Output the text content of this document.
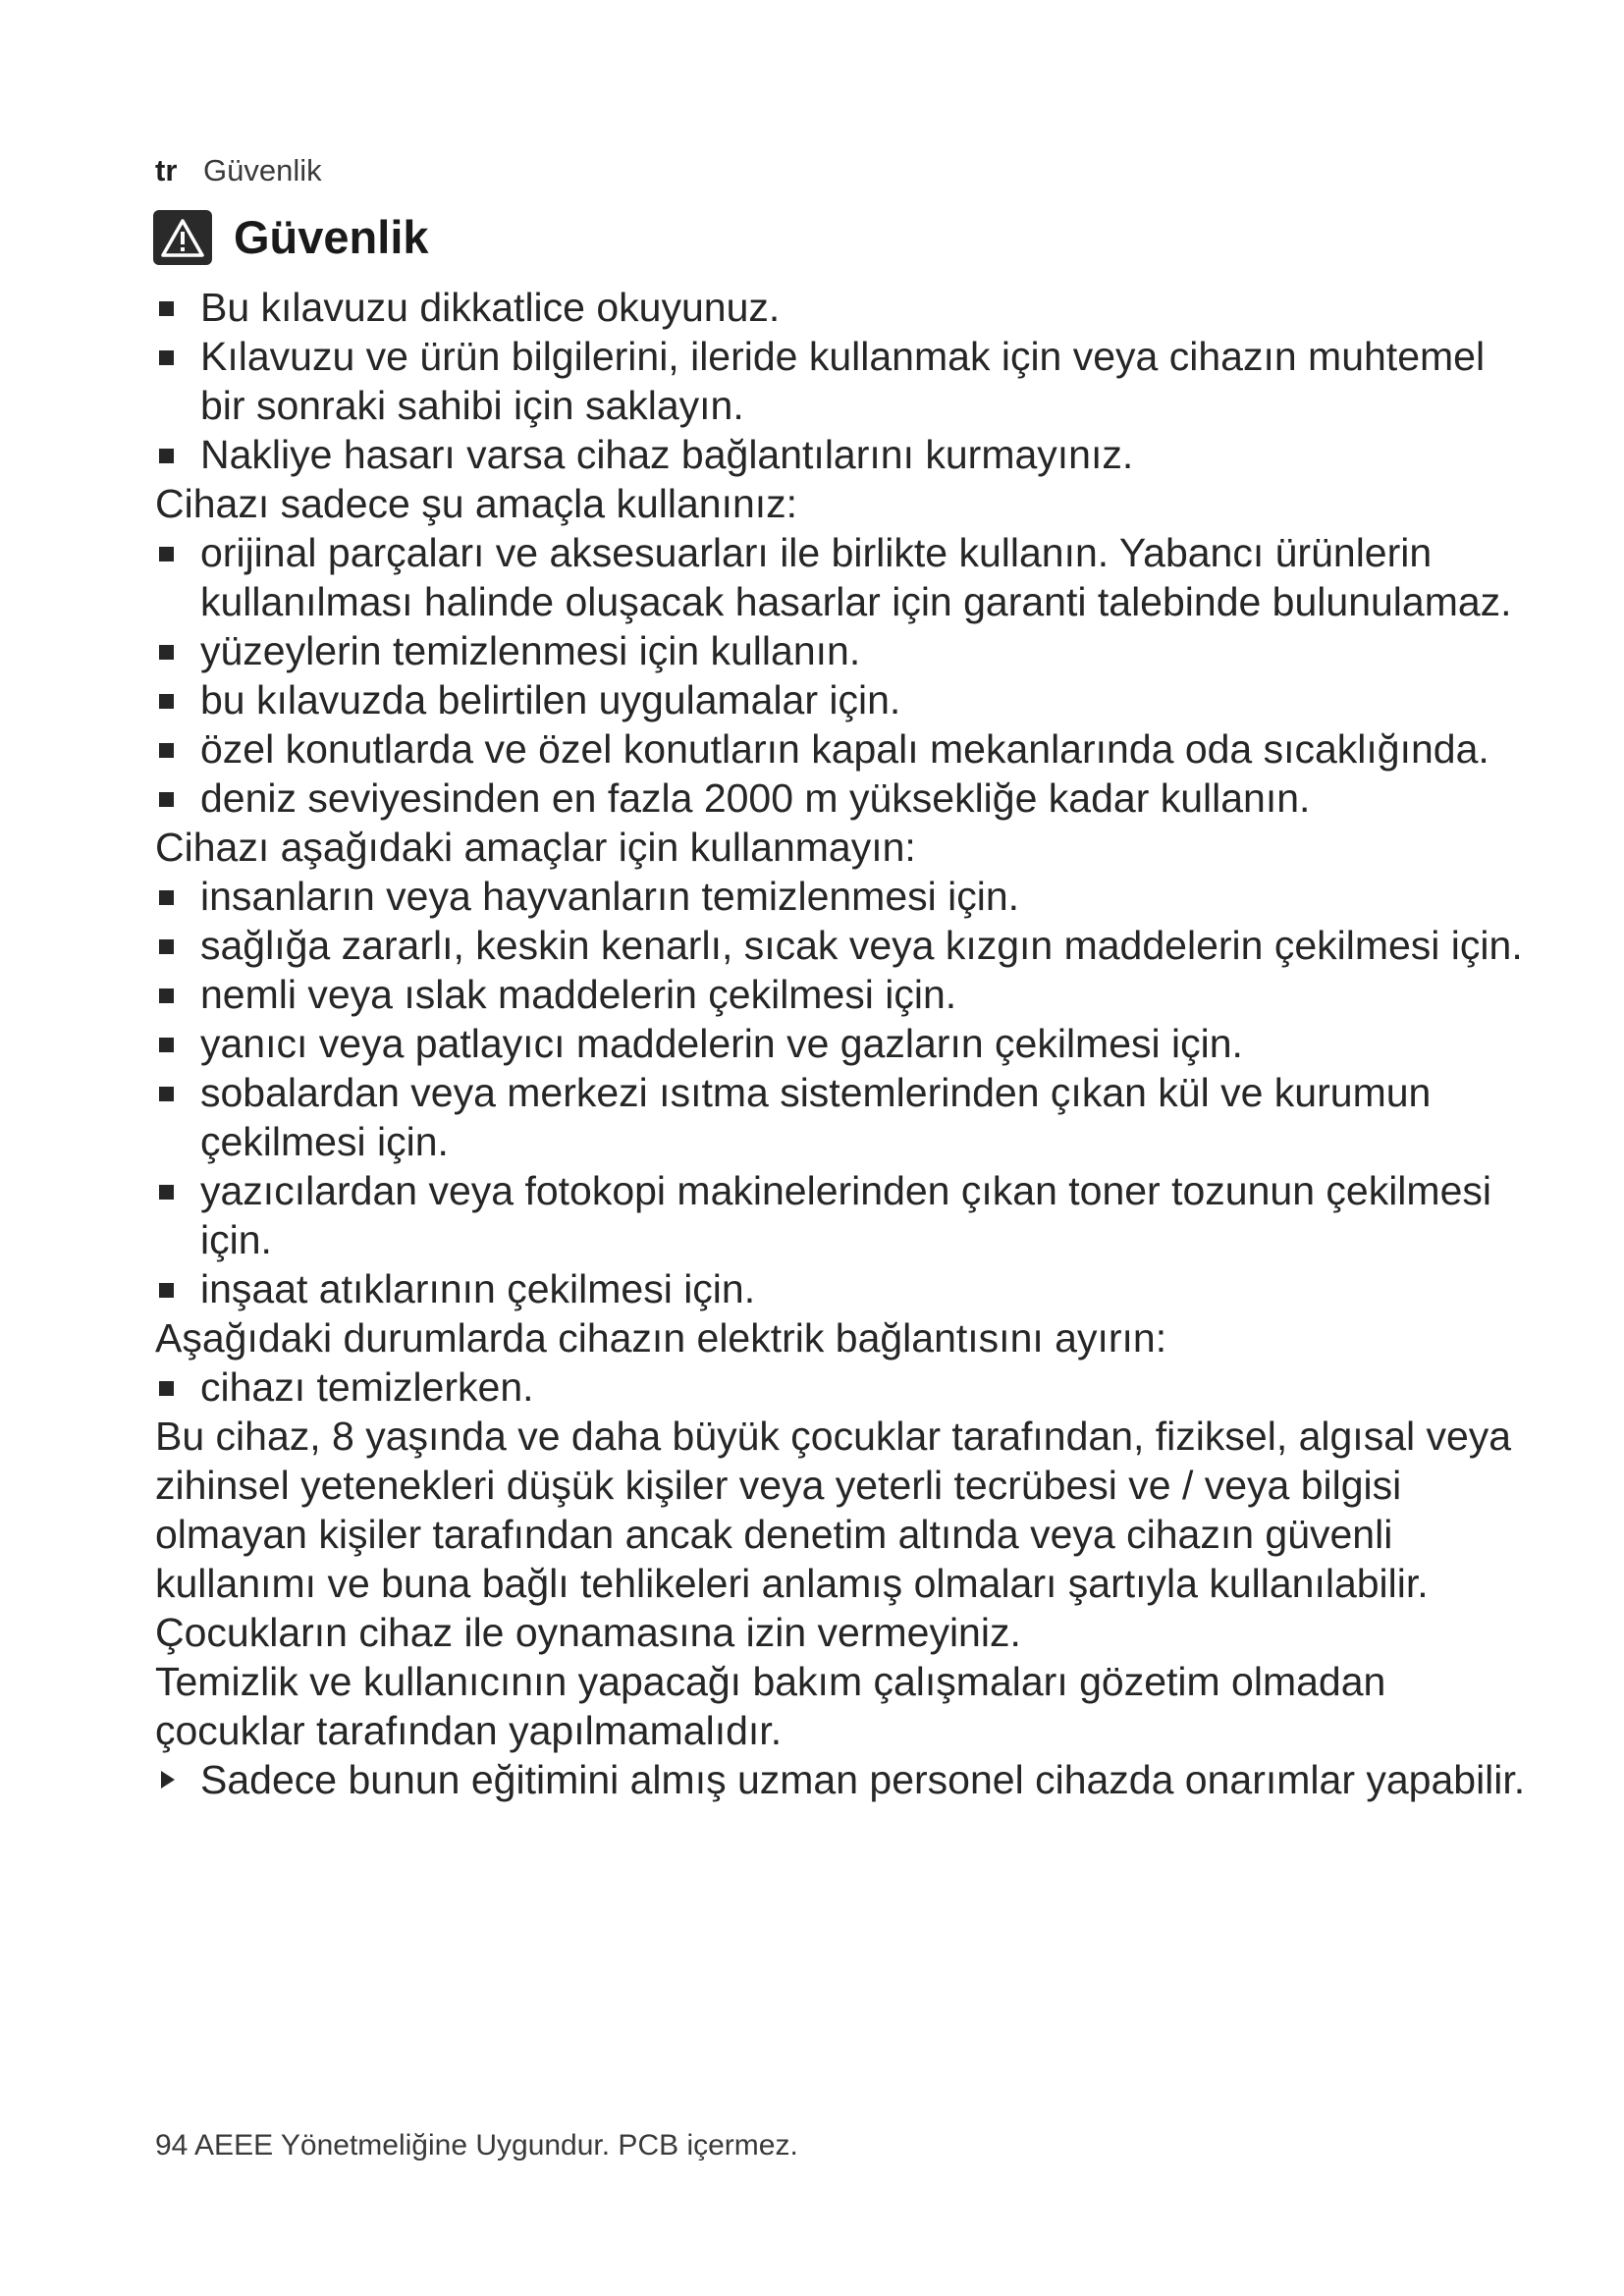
tr Güvenlik
Güvenlik
Bu kılavuzu dikkatlice okuyunuz.
Kılavuzu ve ürün bilgilerini, ileride kullanmak için veya cihazın muhtemel bir sonraki sahibi için saklayın.
Nakliye hasarı varsa cihaz bağlantılarını kurmayınız.

Cihazı sadece şu amaçla kullanınız:

orijinal parçaları ve aksesuarları ile birlikte kullanın. Yabancı ürünlerin kullanılması halinde oluşacak hasarlar için garanti talebinde bulunulamaz.
yüzeylerin temizlenmesi için kullanın.
bu kılavuzda belirtilen uygulamalar için.
özel konutlarda ve özel konutların kapalı mekanlarında oda sıcaklığında.
deniz seviyesinden en fazla 2000 m yüksekliğe kadar kullanın.

Cihazı aşağıdaki amaçlar için kullanmayın:

insanların veya hayvanların temizlenmesi için.
sağlığa zararlı, keskin kenarlı, sıcak veya kızgın maddelerin çekilmesi için.
nemli veya ıslak maddelerin çekilmesi için.
yanıcı veya patlayıcı maddelerin ve gazların çekilmesi için.
sobalardan veya merkezi ısıtma sistemlerinden çıkan kül ve kurumun çekilmesi için.
yazıcılardan veya fotokopi makinelerinden çıkan toner tozunun çekilmesi için.
inşaat atıklarının çekilmesi için.

Aşağıdaki durumlarda cihazın elektrik bağlantısını ayırın:

cihazı temizlerken.

Bu cihaz, 8 yaşında ve daha büyük çocuklar tarafından, fiziksel, algısal veya zihinsel yetenekleri düşük kişiler veya yeterli tecrübesi ve / veya bilgisi olmayan kişiler tarafından ancak denetim altında veya cihazın güvenli kullanımı ve buna bağlı tehlikeleri anlamış olmaları şartıyla kullanılabilir.

Çocukların cihaz ile oynamasına izin vermeyiniz.

Temizlik ve kullanıcının yapacağı bakım çalışmaları gözetim olmadan çocuklar tarafından yapılmamalıdır.

Sadece bunun eğitimini almış uzman personel cihazda onarımlar yapabilir.
94 AEEE Yönetmeliğine Uygundur. PCB içermez.
